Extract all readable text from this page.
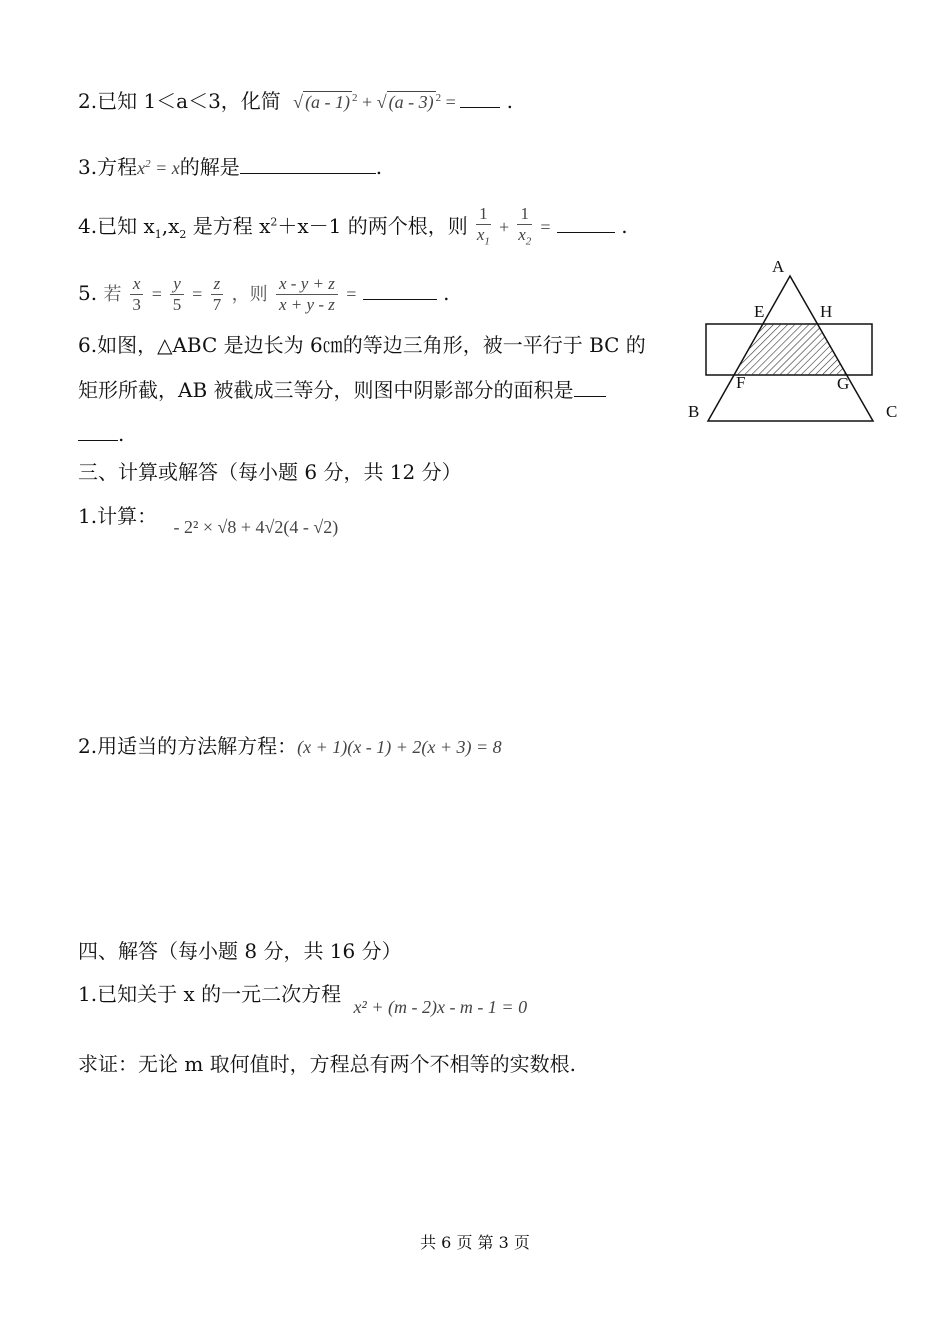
2.已知 1＜a＜3，化简 √ (a - 1) $^2$ + √ (a - 3) $^2$ =	.
3.方程$x^2 = x$的解是	.
4.已知 $x_1,x_2$ 是方程 $x^2+x-1$ 的两个根，则 $\frac{1}{x_1} + \frac{1}{x_2}$ =	.
5. 若 $\frac{x}{3} = \frac{y}{5} = \frac{z}{7}$ ，则 $\frac{x - y + z}{x + y - z}$ =	.
6.如图，△ABC 是边长为 6㎝的等边三角形，被一平行于 BC 的
矩形所截，AB 被截成三等分，则图中阴影部分的面积是
.
A
B	C
E	H
F	G
三、计算或解答（每小题 6 分，共 12 分）
1.计算： - 2² × √8 + 4√2(4 - √2)
2.用适当的方法解方程：(x + 1)(x - 1) + 2(x + 3) = 8
四、解答（每小题 8 分，共 16 分）
1.已知关于 x 的一元二次方程 x² + (m - 2)x - m - 1 = 0
求证：无论 m 取何值时，方程总有两个不相等的实数根.
共 6 页 第 3 页
